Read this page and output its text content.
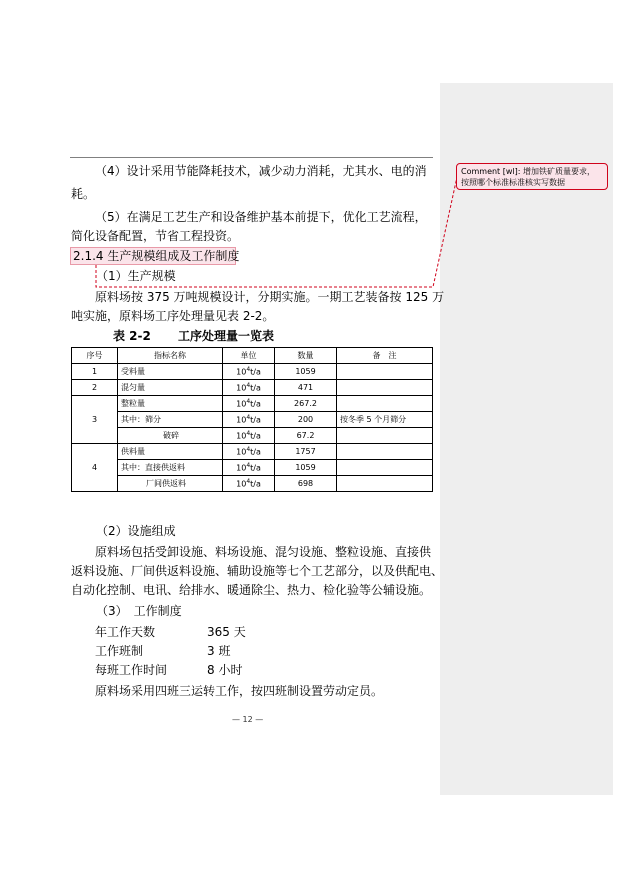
Comment [wl]: 增加铁矿质量要求，
按照哪个标准标准核实写数据
（4）设计采用节能降耗技术，减少动力消耗，尤其水、电的消
耗。
（5）在满足工艺生产和设备维护基本前提下，优化工艺流程，
简化设备配置，节省工程投资。
2.1.4 生产规模组成及工作制度
（1）生产规模
原料场按 375 万吨规模设计，分期实施。一期工艺装备按 125 万
吨实施，原料场工序处理量见表 2-2。
表 2-2 工序处理量一览表
序号	指标名称	单位	数量	备　注
1	受料量	$10^4t/a$	1059	
2	混匀量	$10^4t/a$	471	
3	整粒量	$10^4t/a$	267.2	
	其中：筛分	$10^4t/a$	200	按冬季 5 个月筛分
	破碎	$10^4t/a$	67.2	
4	供料量	$10^4t/a$	1757	
	其中：直接供返料	$10^4t/a$	1059	
	厂间供返料	$10^4t/a$	698	
（2）设施组成
原料场包括受卸设施、料场设施、混匀设施、整粒设施、直接供
返料设施、厂间供返料设施、辅助设施等七个工艺部分，以及供配电、
自动化控制、电讯、给排水、暖通除尘、热力、检化验等公辅设施。
（3）　工作制度
年工作天数	365 天
工作班制	3 班
每班工作时间	8 小时
原料场采用四班三运转工作，按四班制设置劳动定员。
— 12 —
